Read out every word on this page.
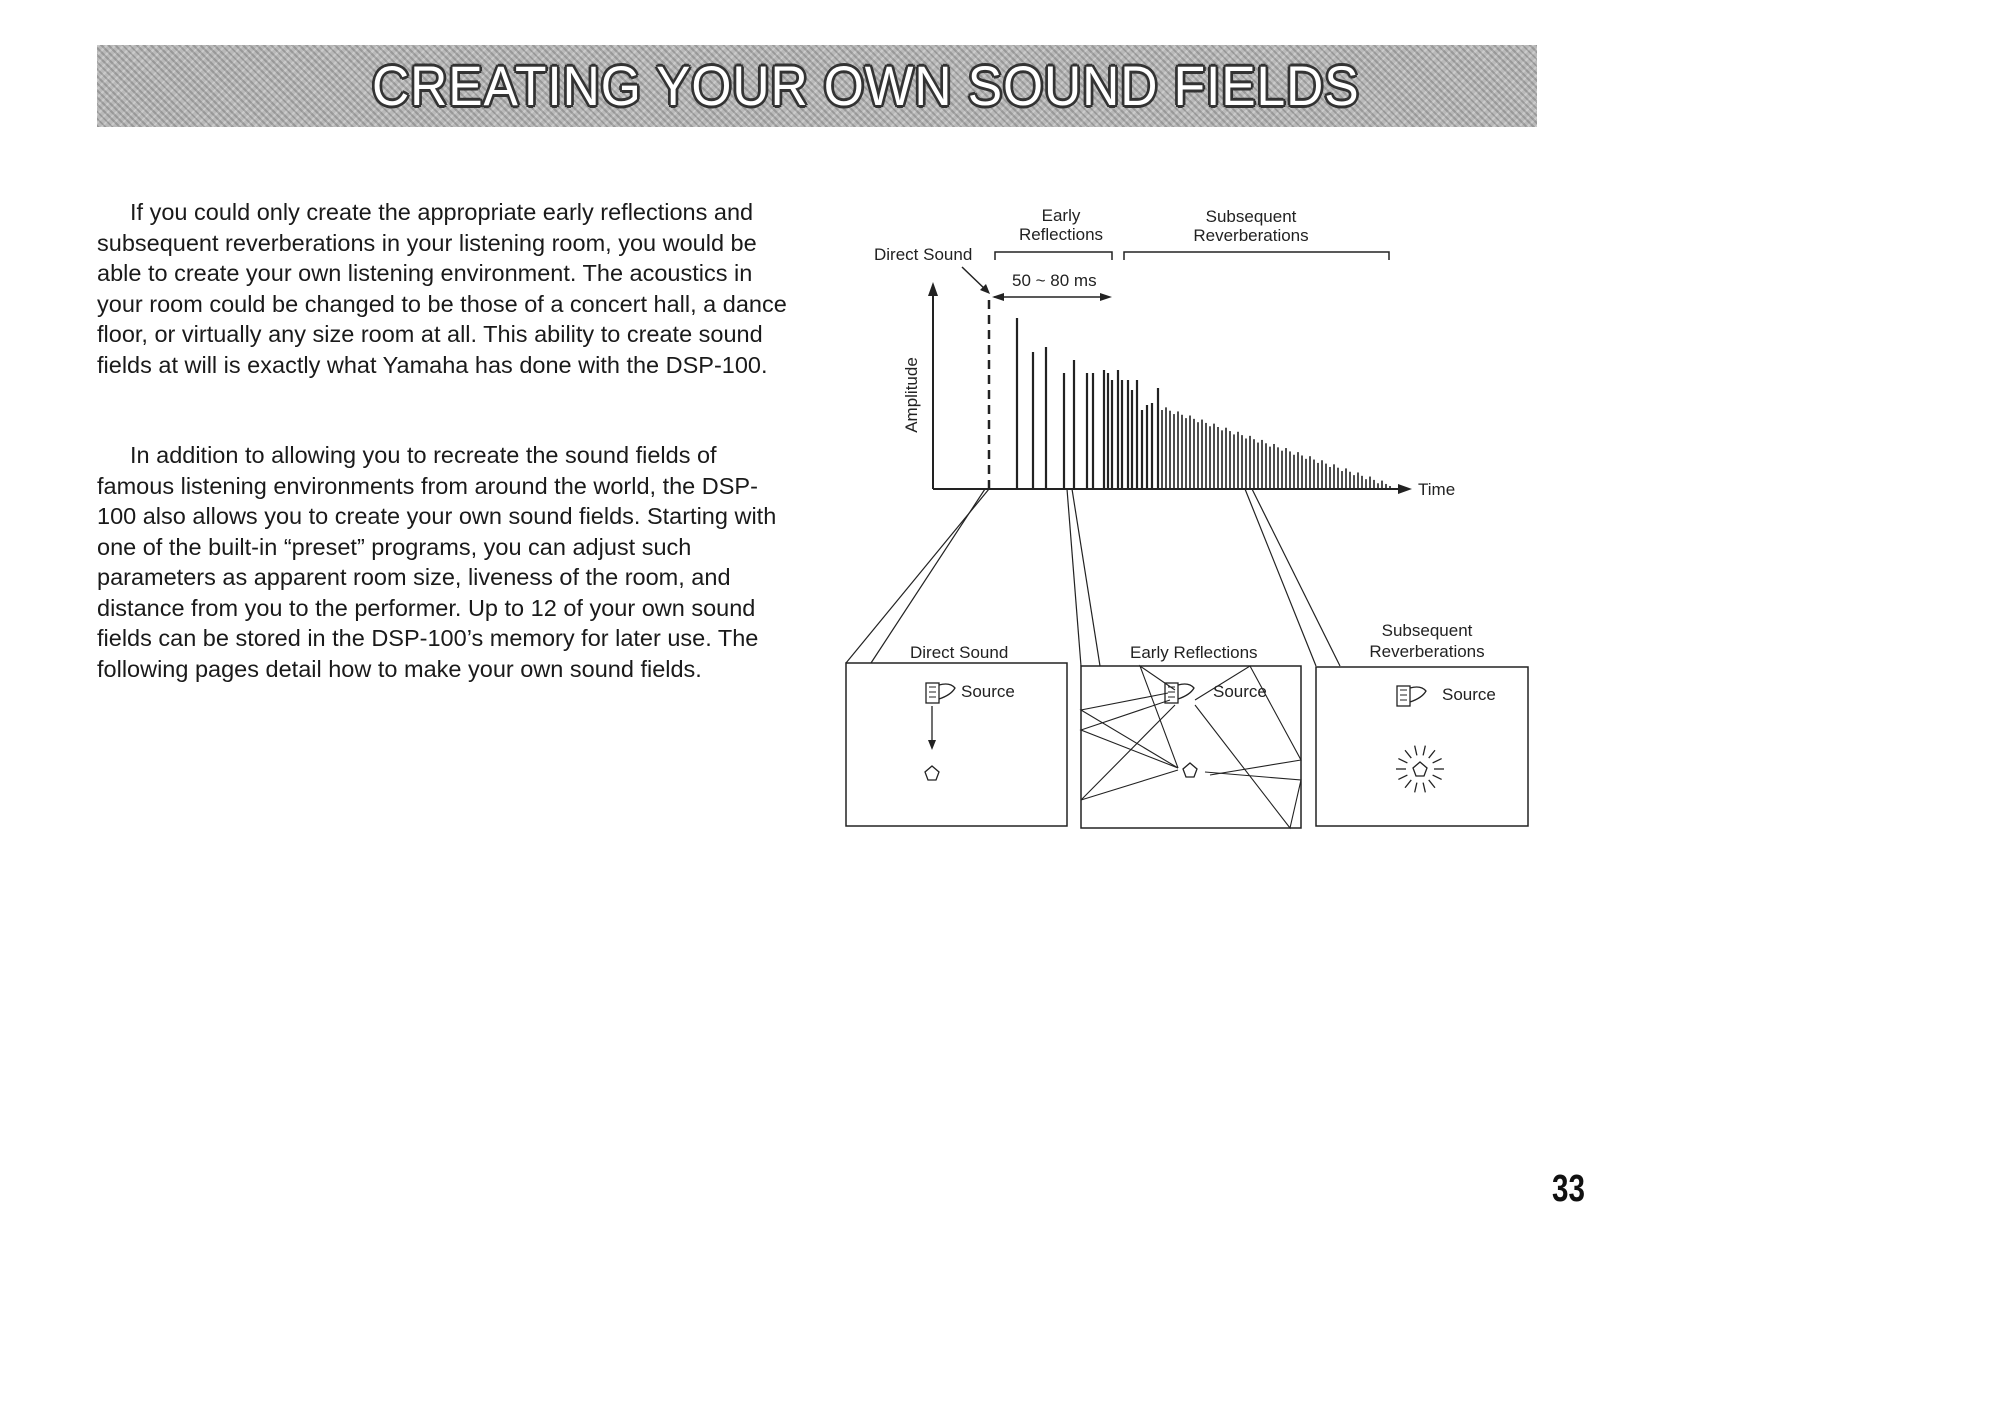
CREATING YOUR OWN SOUND FIELDS

If you could only create the appropriate early reflections and subsequent reverberations in your listening room, you would be able to create your own listening environment. The acoustics in your room could be changed to be those of a concert hall, a dance floor, or virtually any size room at all. This ability to create sound fields at will is exactly what Yamaha has done with the DSP-100.

In addition to allowing you to recreate the sound fields of famous listening environments from around the world, the DSP-100 also allows you to create your own sound fields. Starting with one of the built-in “preset” programs, you can adjust such parameters as apparent room size, liveness of the room, and distance from you to the performer. Up to 12 of your own sound fields can be stored in the DSP-100’s memory for later use. The following pages detail how to make your own sound fields.

Early
Reflections
Subsequent
Reverberations
Direct Sound
50 ~ 80 ms
Amplitude
Time
Direct Sound
Source
Early Reflections
Source
Subsequent
Reverberations
Source
33
